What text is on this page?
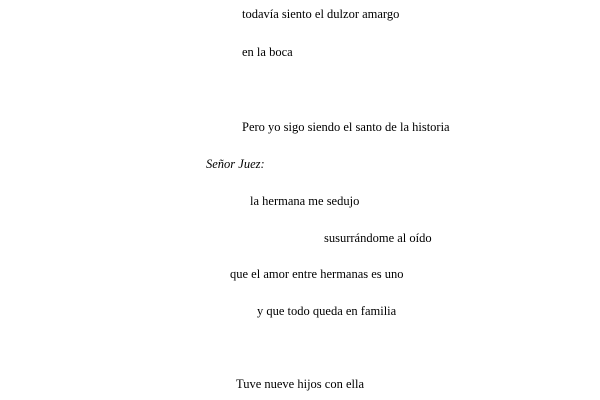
todavía siento el dulzor amargo
en la boca
Pero yo sigo siendo el santo de la historia
Señor Juez:
la hermana me sedujo
susurrándome al oído
que el amor entre hermanas es uno
y que todo queda en familia
Tuve nueve hijos con ella
